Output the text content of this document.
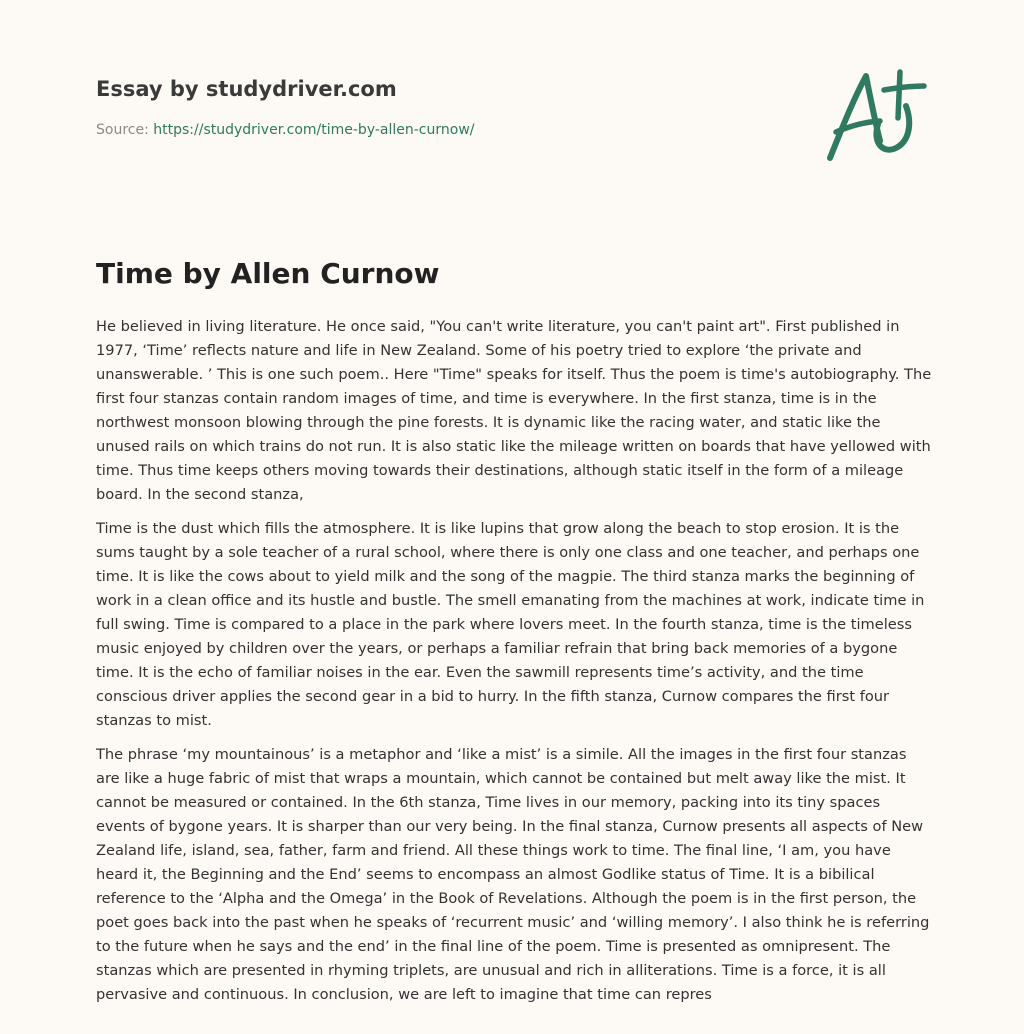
Essay by studydriver.com
Source: https://studydriver.com/time-by-allen-curnow/
Time by Allen Curnow

He believed in living literature. He once said, "You can't write literature, you can't paint art". First published in 1977, ‘Time’ reflects nature and life in New Zealand. Some of his poetry tried to explore ‘the private and unanswerable. ’ This is one such poem.. Here "Time" speaks for itself. Thus the poem is time's autobiography. The first four stanzas contain random images of time, and time is everywhere. In the first stanza, time is in the northwest monsoon blowing through the pine forests. It is dynamic like the racing water, and static like the unused rails on which trains do not run. It is also static like the mileage written on boards that have yellowed with time. Thus time keeps others moving towards their destinations, although static itself in the form of a mileage board. In the second stanza,

Time is the dust which fills the atmosphere. It is like lupins that grow along the beach to stop erosion. It is the sums taught by a sole teacher of a rural school, where there is only one class and one teacher, and perhaps one time. It is like the cows about to yield milk and the song of the magpie. The third stanza marks the beginning of work in a clean office and its hustle and bustle. The smell emanating from the machines at work, indicate time in full swing. Time is compared to a place in the park where lovers meet. In the fourth stanza, time is the timeless music enjoyed by children over the years, or perhaps a familiar refrain that bring back memories of a bygone time. It is the echo of familiar noises in the ear. Even the sawmill represents time’s activity, and the time conscious driver applies the second gear in a bid to hurry. In the fifth stanza, Curnow compares the first four stanzas to mist.

The phrase ‘my mountainous’ is a metaphor and ‘like a mist’ is a simile. All the images in the first four stanzas are like a huge fabric of mist that wraps a mountain, which cannot be contained but melt away like the mist. It cannot be measured or contained. In the 6th stanza, Time lives in our memory, packing into its tiny spaces events of bygone years. It is sharper than our very being. In the final stanza, Curnow presents all aspects of New Zealand life, island, sea, father, farm and friend. All these things work to time. The final line, ‘I am, you have heard it, the Beginning and the End’ seems to encompass an almost Godlike status of Time. It is a bibilical reference to the ‘Alpha and the Omega’ in the Book of Revelations. Although the poem is in the first person, the poet goes back into the past when he speaks of ‘recurrent music’ and ‘willing memory’. I also think he is referring to the future when he says and the end’ in the final line of the poem. Time is presented as omnipresent. The stanzas which are presented in rhyming triplets, are unusual and rich in alliterations. Time is a force, it is all pervasive and continuous. In conclusion, we are left to imagine that time can repres
